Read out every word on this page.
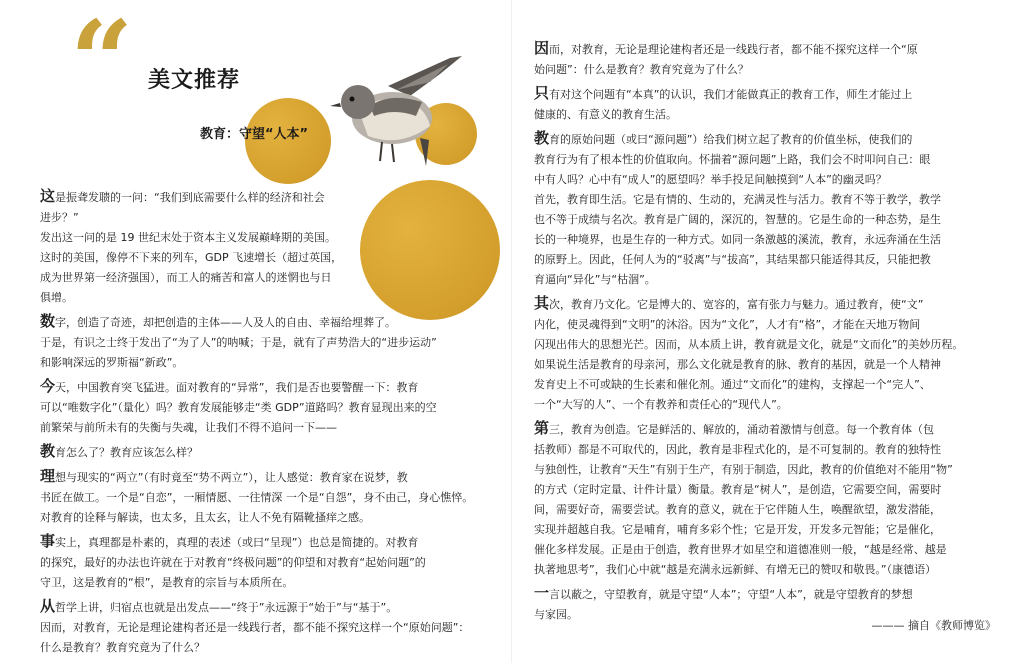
“ 美文推荐
教育：守望“人本”

这是振聋发聩的一问：“我们到底需要什么样的经济和社会
进步？”
发出这一问的是 19 世纪末处于资本主义发展巅峰期的美国。
这时的美国，像停不下来的列车，GDP 飞速增长（超过英国，
成为世界第一经济强国），而工人的痛苦和富人的迷惘也与日
俱增。

数字，创造了奇迹，却把创造的主体——人及人的自由、幸福给埋葬了。
于是，有识之士终于发出了“为了人”的呐喊；于是，就有了声势浩大的“进步运动”
和影响深远的罗斯福“新政”。

今天，中国教育突飞猛进。面对教育的“异常”，我们是否也要警醒一下：教育
可以“唯数字化”（量化）吗？教育发展能够走“类 GDP”道路吗？教育显现出来的空
前繁荣与前所未有的失衡与失魂，让我们不得不追问一下——

教育怎么了？教育应该怎么样？

理想与现实的“两立”（有时竟至“势不两立”），让人感觉：教育家在说梦，教
书匠在做工。一个是“自恋”，一厢情愿、一往情深 一个是“自怨”，身不由己，身心憔悴。
对教育的诠释与解读，也太多，且太玄，让人不免有隔靴搔痒之感。

事实上，真理都是朴素的，真理的表述（或曰“呈现”）也总是简捷的。对教育
的探究，最好的办法也许就在于对教育“终极问题”的仰望和对教育“起始问题”的
守卫，这是教育的“根”，是教育的宗旨与本质所在。

从哲学上讲，归宿点也就是出发点——“终于”永远源于“始于”与“基于”。
因而，对教育，无论是理论建构者还是一线践行者，都不能不探究这样一个“原始问题”：
什么是教育？教育究竟为了什么？

因而，对教育，无论是理论建构者还是一线践行者，都不能不探究这样一个“原
始问题”：什么是教育？教育究竟为了什么？

只有对这个问题有“本真”的认识，我们才能做真正的教育工作，师生才能过上
健康的、有意义的教育生活。

教育的原始问题（或曰“源问题”）给我们树立起了教育的价值坐标，使我们的
教育行为有了根本性的价值取向。怀揣着“源问题”上路，我们会不时叩问自己：眼
中有人吗？心中有“成人”的愿望吗？举手投足间触摸到“人本”的幽灵吗？
首先，教育即生活。它是有情的、生动的，充满灵性与活力。教育不等于教学，教学
也不等于成绩与名次。教育是广阔的，深沉的，智慧的。它是生命的一种态势，是生
长的一种境界，也是生存的一种方式。如同一条激越的溪流，教育，永远奔涌在生活
的原野上。因此，任何人为的“驳离”与“拔高”，其结果都只能适得其反，只能把教
育逼向“异化”与“枯涸”。

其次，教育乃文化。它是博大的、宽容的，富有张力与魅力。通过教育，使“文”
内化，使灵魂得到“文明”的沐浴。因为“文化”，人才有“格”，才能在天地万物间
闪现出伟大的思想光芒。因而，从本质上讲，教育就是文化，就是“文而化”的美妙历程。
如果说生活是教育的母亲河，那么文化就是教育的脉、教育的基因，就是一个人精神
发育史上不可或缺的生长素和催化剂。通过“文而化”的建构，支撑起一个“完人”、
一个“大写的人”、一个有教养和责任心的“现代人”。

第三，教育为创造。它是鲜活的、解放的，涌动着激情与创意。每一个教育体（包
括教师）都是不可取代的，因此，教育是非程式化的，是不可复制的。教育的独特性
与独创性，让教育“天生”有别于生产，有别于制造，因此，教育的价值绝对不能用“物”
的方式（定时定量、计件计量）衡量。教育是“树人”，是创造，它需要空间，需要时
间，需要好奇，需要尝试。教育的意义，就在于它伴随人生，唤醒欲望，激发潜能，
实现并超越自我。它是哺育，哺育多彩个性；它是开发，开发多元智能；它是催化，
催化多样发展。正是由于创造，教育世界才如星空和道德准则一般，“越是经常、越是
执著地思考”，我们心中就“越是充满永远新鲜、有增无已的赞叹和敬畏。”（康德语）

一言以蔽之，守望教育，就是守望“人本”；守望“人本”，就是守望教育的梦想
与家园。

——— 摘自《教师博览》
